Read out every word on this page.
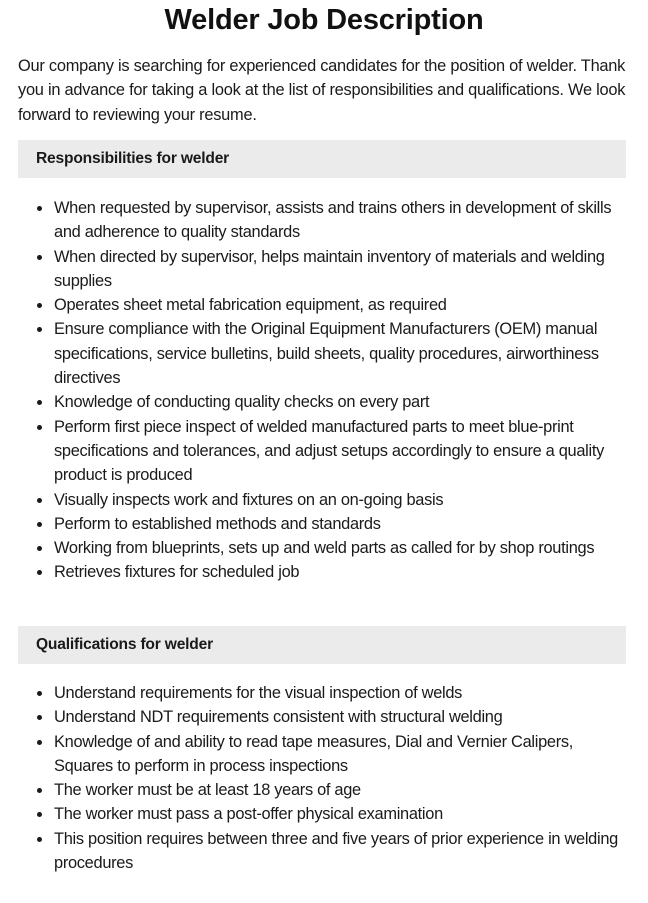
Welder Job Description

Our company is searching for experienced candidates for the position of welder. Thank you in advance for taking a look at the list of responsibilities and qualifications. We look forward to reviewing your resume.

Responsibilities for welder
When requested by supervisor, assists and trains others in development of skills and adherence to quality standards
When directed by supervisor, helps maintain inventory of materials and welding supplies
Operates sheet metal fabrication equipment, as required
Ensure compliance with the Original Equipment Manufacturers (OEM) manual specifications, service bulletins, build sheets, quality procedures, airworthiness directives
Knowledge of conducting quality checks on every part
Perform first piece inspect of welded manufactured parts to meet blue-print specifications and tolerances, and adjust setups accordingly to ensure a quality product is produced
Visually inspects work and fixtures on an on-going basis
Perform to established methods and standards
Working from blueprints, sets up and weld parts as called for by shop routings
Retrieves fixtures for scheduled job
Qualifications for welder
Understand requirements for the visual inspection of welds
Understand NDT requirements consistent with structural welding
Knowledge of and ability to read tape measures, Dial and Vernier Calipers, Squares to perform in process inspections
The worker must be at least 18 years of age
The worker must pass a post-offer physical examination
This position requires between three and five years of prior experience in welding procedures
